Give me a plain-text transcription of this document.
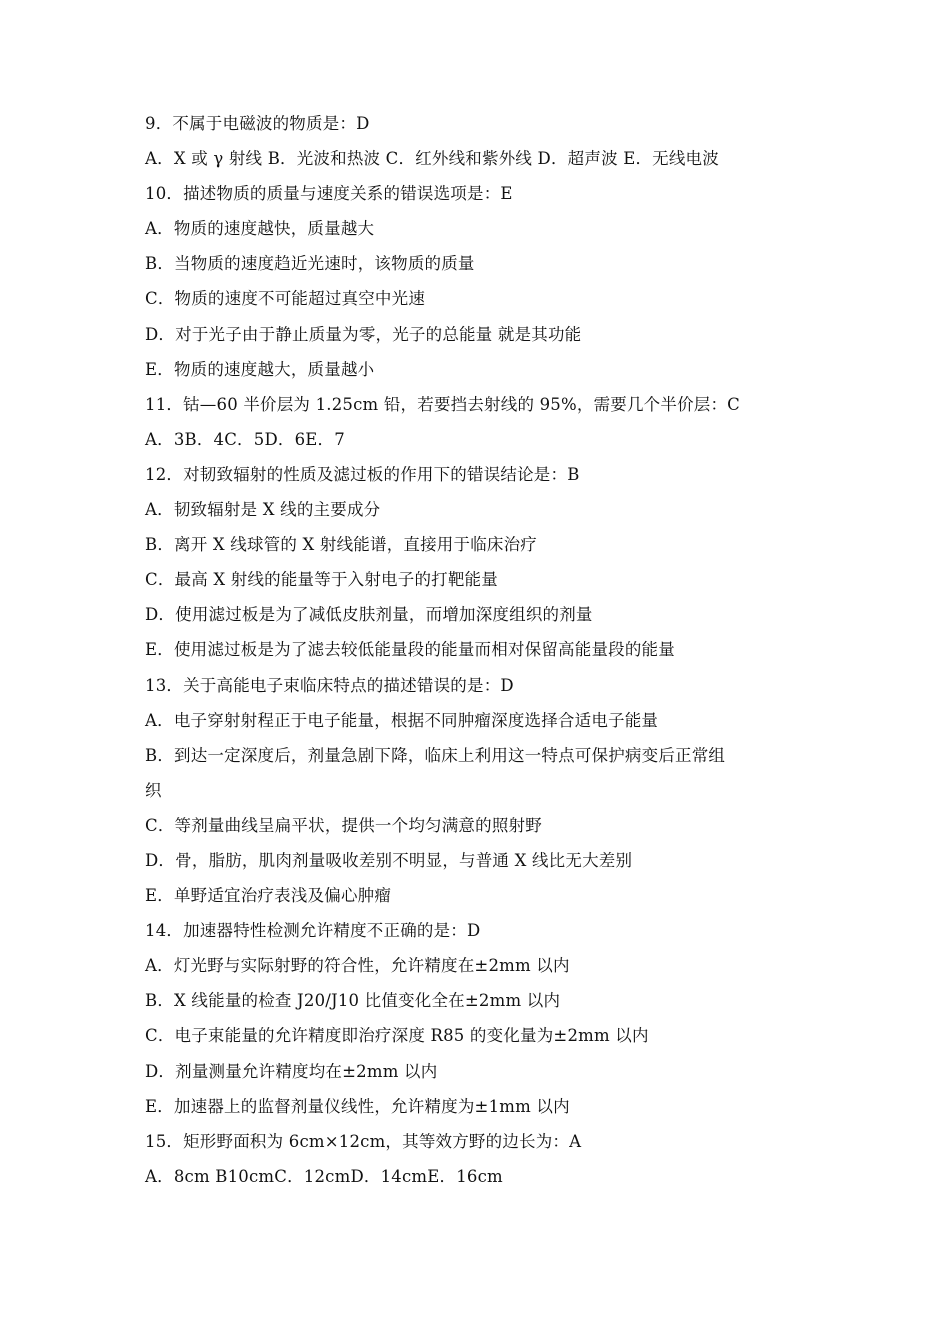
9．不属于电磁波的物质是：D
A．X 或 γ 射线 B．光波和热波 C．红外线和紫外线 D．超声波 E．无线电波
10．描述物质的质量与速度关系的错误选项是：E
A．物质的速度越快，质量越大
B．当物质的速度趋近光速时，该物质的质量
C．物质的速度不可能超过真空中光速
D．对于光子由于静止质量为零，光子的总能量 就是其功能
E．物质的速度越大，质量越小
11．钴—60 半价层为 1.25cm 铅，若要挡去射线的 95%，需要几个半价层：C
A．3B．4C．5D．6E．7
12．对韧致辐射的性质及滤过板的作用下的错误结论是：B
A．韧致辐射是 X 线的主要成分
B．离开 X 线球管的 X 射线能谱，直接用于临床治疗
C．最高 X 射线的能量等于入射电子的打靶能量
D．使用滤过板是为了减低皮肤剂量，而增加深度组织的剂量
E．使用滤过板是为了滤去较低能量段的能量而相对保留高能量段的能量
13．关于高能电子束临床特点的描述错误的是：D
A．电子穿射射程正于电子能量，根据不同肿瘤深度选择合适电子能量
B．到达一定深度后，剂量急剧下降，临床上利用这一特点可保护病变后正常组
织
C．等剂量曲线呈扁平状，提供一个均匀满意的照射野
D．骨，脂肪，肌肉剂量吸收差别不明显，与普通 X 线比无大差别
E．单野适宜治疗表浅及偏心肿瘤
14．加速器特性检测允许精度不正确的是：D
A．灯光野与实际射野的符合性，允许精度在±2mm 以内
B．X 线能量的检查 J20/J10 比值变化全在±2mm 以内
C．电子束能量的允许精度即治疗深度 R85 的变化量为±2mm 以内
D．剂量测量允许精度均在±2mm 以内
E．加速器上的监督剂量仪线性，允许精度为±1mm 以内
15．矩形野面积为 6cm×12cm，其等效方野的边长为：A
A．8cm B10cmC．12cmD．14cmE．16cm
